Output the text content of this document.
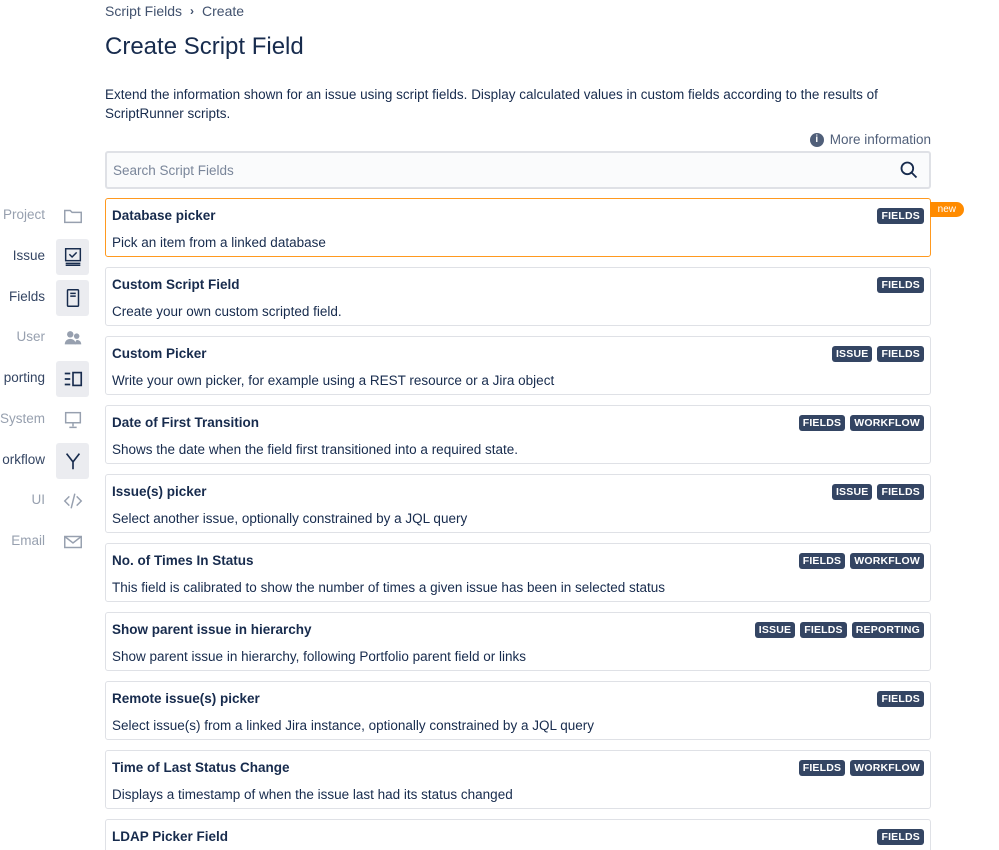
Project
Issue
Fields
User
porting
System
orkflow
UI
Email
Script Fields › Create
Create Script Field

Extend the information shown for an issue using script fields. Display calculated values in custom fields according to the results of ScriptRunner scripts.

i More information
Search Script Fields
Database picker
Pick an item from a linked database
FIELDS
new
Custom Script Field
Create your own custom scripted field.
FIELDS
Custom Picker
Write your own picker, for example using a REST resource or a Jira object
ISSUE	FIELDS
Date of First Transition
Shows the date when the field first transitioned into a required state.
FIELDS	WORKFLOW
Issue(s) picker
Select another issue, optionally constrained by a JQL query
ISSUE	FIELDS
No. of Times In Status
This field is calibrated to show the number of times a given issue has been in selected status
FIELDS	WORKFLOW
Show parent issue in hierarchy
Show parent issue in hierarchy, following Portfolio parent field or links
ISSUE	FIELDS	REPORTING
Remote issue(s) picker
Select issue(s) from a linked Jira instance, optionally constrained by a JQL query
FIELDS
Time of Last Status Change
Displays a timestamp of when the issue last had its status changed
FIELDS	WORKFLOW
LDAP Picker Field	FIELDS
